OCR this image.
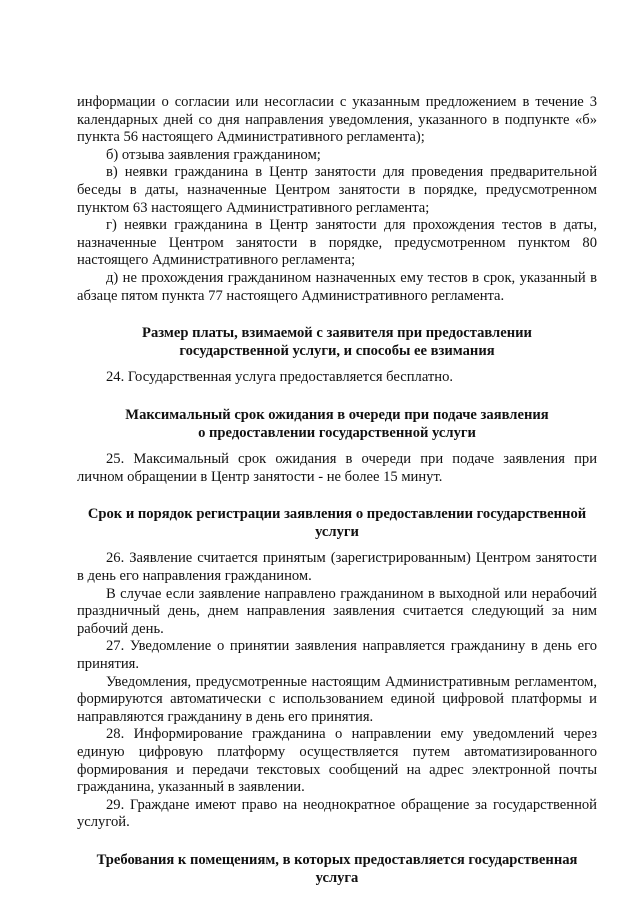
информации о согласии или несогласии с указанным предложением в течение 3 календарных дней со дня направления уведомления, указанного в подпункте «б» пункта 56 настоящего Административного регламента);

б) отзыва заявления гражданином;

в) неявки гражданина в Центр занятости для проведения предварительной беседы в даты, назначенные Центром занятости в порядке, предусмотренном пунктом 63 настоящего Административного регламента;

г) неявки гражданина в Центр занятости для прохождения тестов в даты, назначенные Центром занятости в порядке, предусмотренном пунктом 80 настоящего Административного регламента;

д) не прохождения гражданином назначенных ему тестов в срок, указанный в абзаце пятом пункта 77 настоящего Административного регламента.

Размер платы, взимаемой с заявителя при предоставлении
государственной услуги, и способы ее взимания

24. Государственная услуга предоставляется бесплатно.

Максимальный срок ожидания в очереди при подаче заявления
о предоставлении государственной услуги

25. Максимальный срок ожидания в очереди при подаче заявления при личном обращении в Центр занятости - не более 15 минут.

Срок и порядок регистрации заявления о предоставлении государственной
услуги

26. Заявление считается принятым (зарегистрированным) Центром занятости в день его направления гражданином.

В случае если заявление направлено гражданином в выходной или нерабочий праздничный день, днем направления заявления считается следующий за ним рабочий день.

27. Уведомление о принятии заявления направляется гражданину в день его принятия.

Уведомления, предусмотренные настоящим Административным регламентом, формируются автоматически с использованием единой цифровой платформы и направляются гражданину в день его принятия.

28. Информирование гражданина о направлении ему уведомлений через единую цифровую платформу осуществляется путем автоматизированного формирования и передачи текстовых сообщений на адрес электронной почты гражданина, указанный в заявлении.

29. Граждане имеют право на неоднократное обращение за государственной услугой.

Требования к помещениям, в которых предоставляется государственная
услуга
